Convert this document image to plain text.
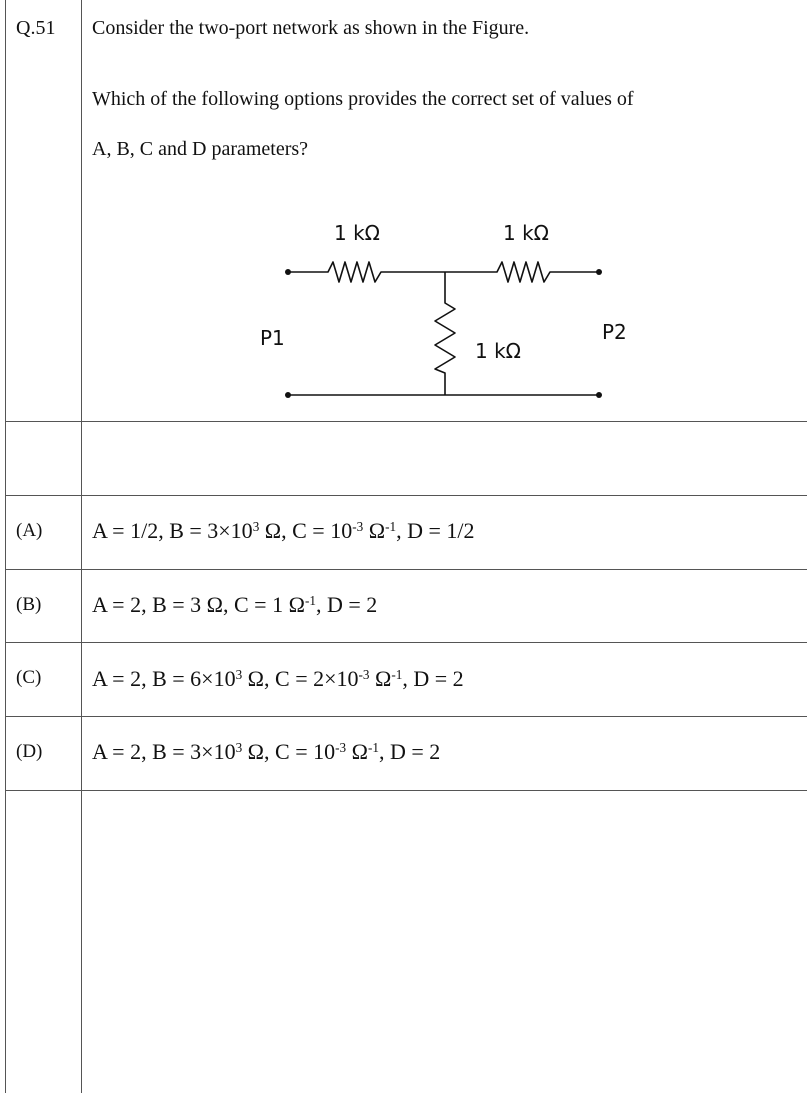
Q.51 Consider the two-port network as shown in the Figure.
Which of the following options provides the correct set of values of
A, B, C and D parameters?
1 kΩ	1 kΩ
1 kΩ
P1	P2
(A) A = 1/2, $B = 3\times 10^3$ Ω, $C = 10^{-3}$ $\Omega^{-1}$, D = 1/2
(B) A = 2, B = 3 Ω, C = 1 $\Omega^{-1}$, D = 2
(C) A = 2, $B = 6\times 10^3$ Ω, $C = 2\times 10^{-3}$ $\Omega^{-1}$, D = 2
(D) A = 2, $B = 3\times 10^3$ Ω, $C = 10^{-3}$ $\Omega^{-1}$, D = 2
